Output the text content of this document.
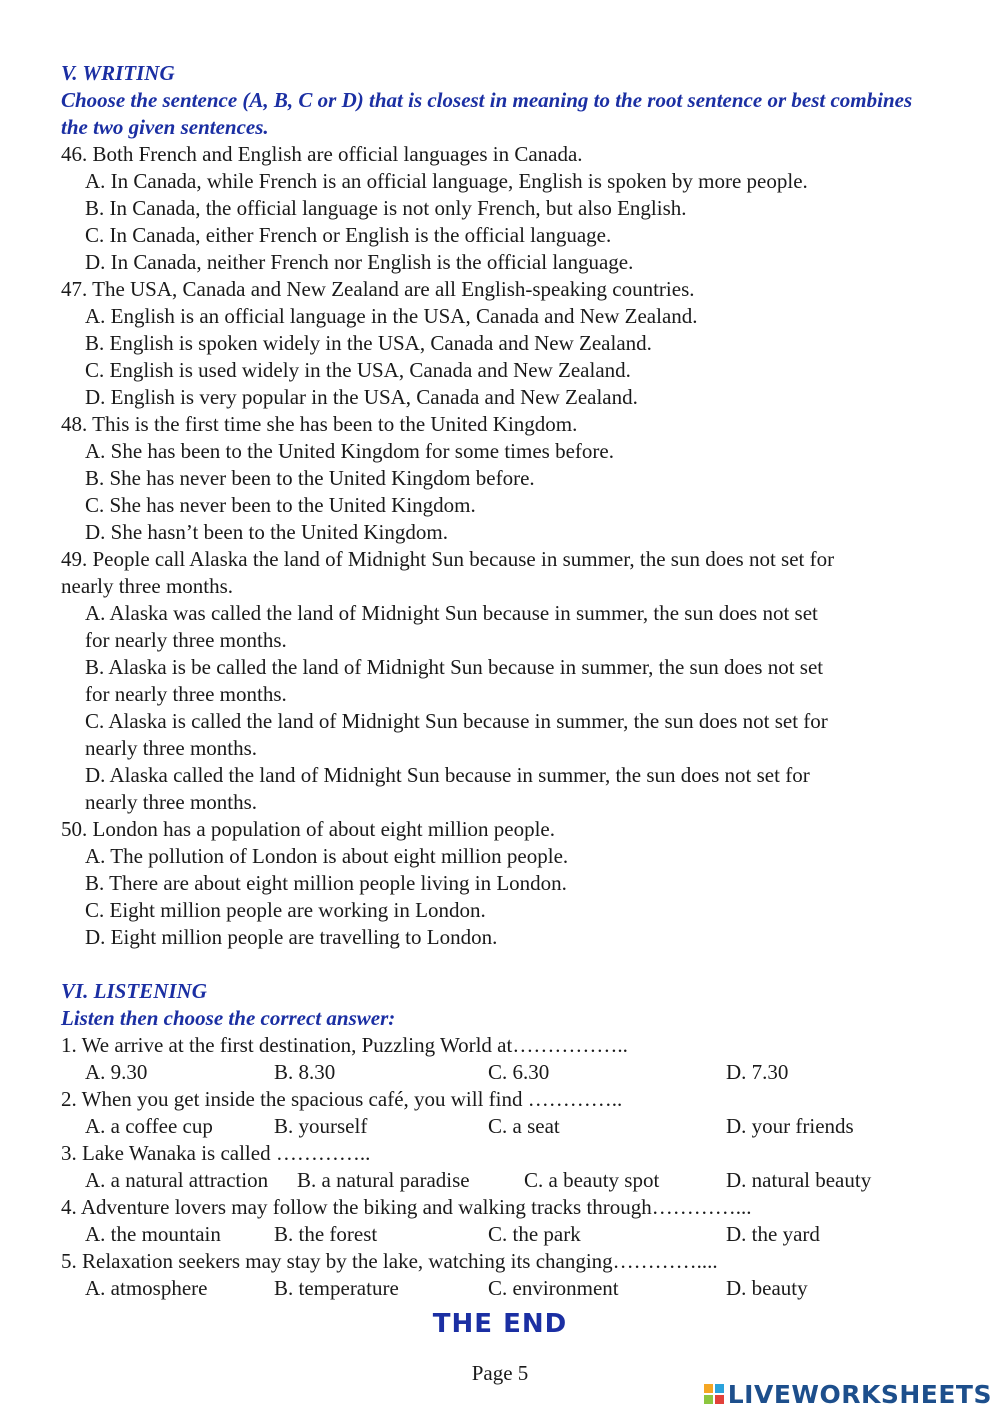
V. WRITING
Choose the sentence (A, B, C or D) that is closest in meaning to the root sentence or best combines the two given sentences.
46. Both French and English are official languages in Canada.
A. In Canada, while French is an official language, English is spoken by more people.
B. In Canada, the official language is not only French, but also English.
C. In Canada, either French or English is the official language.
D. In Canada, neither French nor English is the official language.
47. The USA, Canada and New Zealand are all English-speaking countries.
A. English is an official language in the USA, Canada and New Zealand.
B. English is spoken widely in the USA, Canada and New Zealand.
C. English is used widely in the USA, Canada and New Zealand.
D. English is very popular in the USA, Canada and New Zealand.
48. This is the first time she has been to the United Kingdom.
A. She has been to the United Kingdom for some times before.
B. She has never been to the United Kingdom before.
C. She has never been to the United Kingdom.
D. She hasn’t been to the United Kingdom.
49. People call Alaska the land of Midnight Sun because in summer, the sun does not set for
nearly three months.
A. Alaska was called the land of Midnight Sun because in summer, the sun does not set
for nearly three months.
B. Alaska is be called the land of Midnight Sun because in summer, the sun does not set
for nearly three months.
C. Alaska is called the land of Midnight Sun because in summer, the sun does not set for
nearly three months.
D. Alaska called the land of Midnight Sun because in summer, the sun does not set for
nearly three months.
50. London has a population of about eight million people.
A. The pollution of London is about eight million people.
B. There are about eight million people living in London.
C. Eight million people are working in London.
D. Eight million people are travelling to London.
VI. LISTENING
Listen then choose the correct answer:
1. We arrive at the first destination, Puzzling World at……………..
A. 9.30	B. 8.30	C. 6.30	D. 7.30
2. When you get inside the spacious café, you will find …………..
A. a coffee cup	B. yourself	C. a seat	D. your friends
3. Lake Wanaka is called …………..
A. a natural attraction B. a natural paradise	C. a beauty spot	D. natural beauty
4. Adventure lovers may follow the biking and walking tracks through…………...
A. the mountain	B. the forest	C. the park	D. the yard
5. Relaxation seekers may stay by the lake, watching its changing…………....
A. atmosphere	B. temperature	C. environment	D. beauty
THE END
Page 5
LIVEWORKSHEETS
